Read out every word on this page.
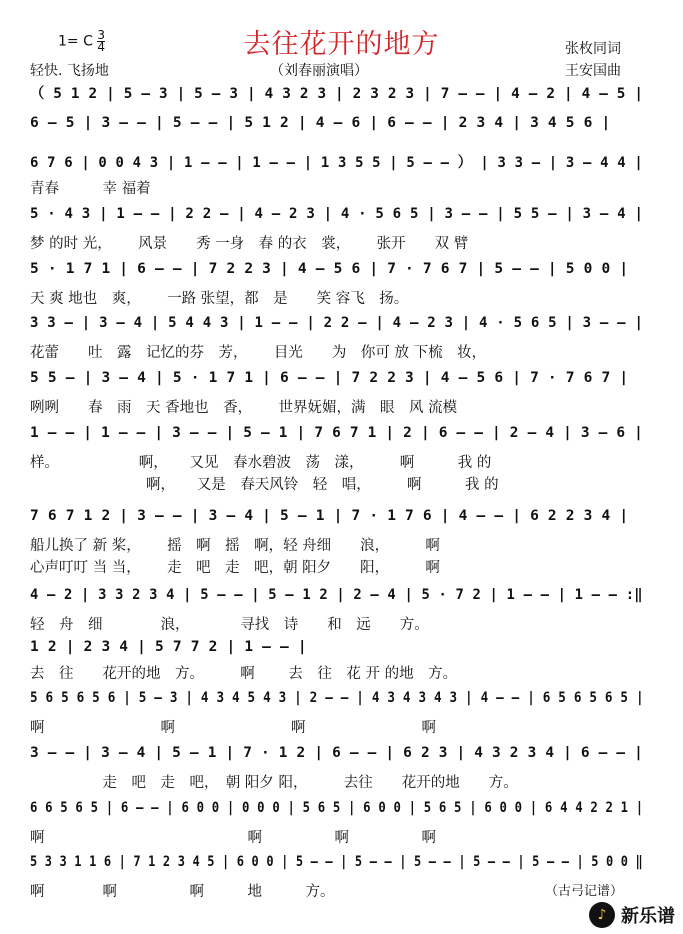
1= C $\frac{3}{4}$	去往花开的地方
轻快. 飞扬地	（刘春丽演唱）
张枚同词
王安国曲
（ 5 1 2 | 5 – 3 | 5 – 3 | 4 3 2 3 | 2 3 2 3 | 7 – – | 4 – 2 | 4 – 5 |
6 – 5 | 3 – – | 5 – – | 5 1 2 | 4 – 6 | 6 – – | 2 3 4 | 3 4 5 6 |
6 7 6 | 0 0 4 3 | 1 – – | 1 – – | 1 3 5 5 | 5 – – ） | 3 3 – | 3 – 4 4 |
青春　　　幸 福着
5 · 4 3 | 1 – – | 2 2 – | 4 – 2 3 | 4 · 5 6 5 | 3 – – | 5 5 – | 3 – 4 |
梦 的时 光，　　 风景　　秀 一身　春 的衣　裳，　　 张开　　双 臂
5 · 1 7 1 | 6 – – | 7 2 2 3 | 4 – 5 6 | 7 · 7 6 7 | 5 – – | 5 0 0 |
天 爽 地也　爽，　　 一路 张望，都　是　　笑 容飞　扬。
3 3 – | 3 – 4 | 5 4 4 3 | 1 – – | 2 2 – | 4 – 2 3 | 4 · 5 6 5 | 3 – – |
花蕾　　吐　露　记忆的芬　芳，　　 目光　　为　你可 放 下梳　妆，
5 5 – | 3 – 4 | 5 · 1 7 1 | 6 – – | 7 2 2 3 | 4 – 5 6 | 7 · 7 6 7 |
咧咧　　春　雨　天 香地也　香，　　 世界妩媚，满　眼　风 流模
1 – – | 1 – – | 3 – – | 5 – 1 | 7 6 7 1 | 2 | 6 – – | 2 – 4 | 3 – 6 |
样。　　　　　　啊，　　又见　春水碧波　荡　漾，　　　啊　　　我 的
　　　　　　　　啊，　　又是　春天风铃　轻　唱，　　　啊　　　我 的
7 6 7 1 2 | 3 – – | 3 – 4 | 5 – 1 | 7 · 1 7 6 | 4 – – | 6 2 2 3 4 |
船儿换了 新 桨，　　 摇　啊　摇　啊，轻 舟细　　浪，　　　啊
心声叮叮 当 当，　　 走　吧　走　吧，朝 阳夕　　阳，　　　啊
4 – 2 | 3 3 2 3 4 | 5 – – | 5 – 1 2 | 2 – 4 | 5 · 7 2 | 1 – – | 1 – – :‖
轻　舟　细　　　　浪，　　　　寻找　诗　　和　远　　方。
1 2 | 2 3 4 | 5 7 7 2 | 1 – – |
去　往　　花开的地　方。　　　啊　　 去　往　花 开 的地　方。
5 6 5 6 5 6 | 5 – 3 | 4 3 4 5 4 3 | 2 – – | 4 3 4 3 4 3 | 4 – – | 6 5 6 5 6 5 |
啊　　　　　　　　啊　　　　　　　　啊　　　　　　　　啊
3 – – | 3 – 4 | 5 – 1 | 7 · 1 2 | 6 – – | 6 2 3 | 4 3 2 3 4 | 6 – – |
　　　　　走　吧　走　吧，　朝 阳夕 阳，　　　去往　　花开的地　　方。
6 6 5 6 5 | 6 – – | 6 0 0 | 0 0 0 | 5 6 5 | 6 0 0 | 5 6 5 | 6 0 0 | 6 4 4 2 2 1 |
啊　　　　　　　　　　　　　　啊　　　　　啊　　　　　啊
5 3 3 1 1 6 | 7 1 2 3 4 5 | 6 0 0 | 5 – – | 5 – – | 5 – – | 5 – – | 5 – – | 5 0 0 ‖
啊　　　　啊　　　　　啊　　　地　　　方。	（古弓记谱）
♪ 新乐谱
